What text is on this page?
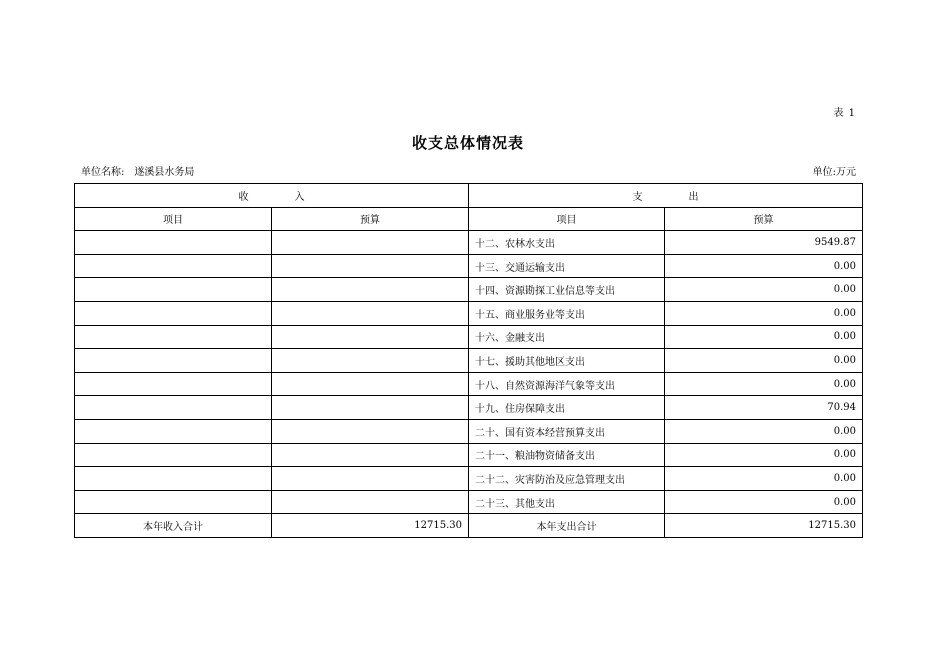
表 1
收支总体情况表
单位名称: 遂溪县水务局	单位:万元
收 入		支 出	
项目	预算	项目	预算
		十二、农林水支出	9549.87
		十三、交通运输支出	0.00
		十四、资源勘探工业信息等支出	0.00
		十五、商业服务业等支出	0.00
		十六、金融支出	0.00
		十七、援助其他地区支出	0.00
		十八、自然资源海洋气象等支出	0.00
		十九、住房保障支出	70.94
		二十、国有资本经营预算支出	0.00
		二十一、粮油物资储备支出	0.00
		二十二、灾害防治及应急管理支出	0.00
		二十三、其他支出	0.00
本年收入合计	12715.30	本年支出合计	12715.30
